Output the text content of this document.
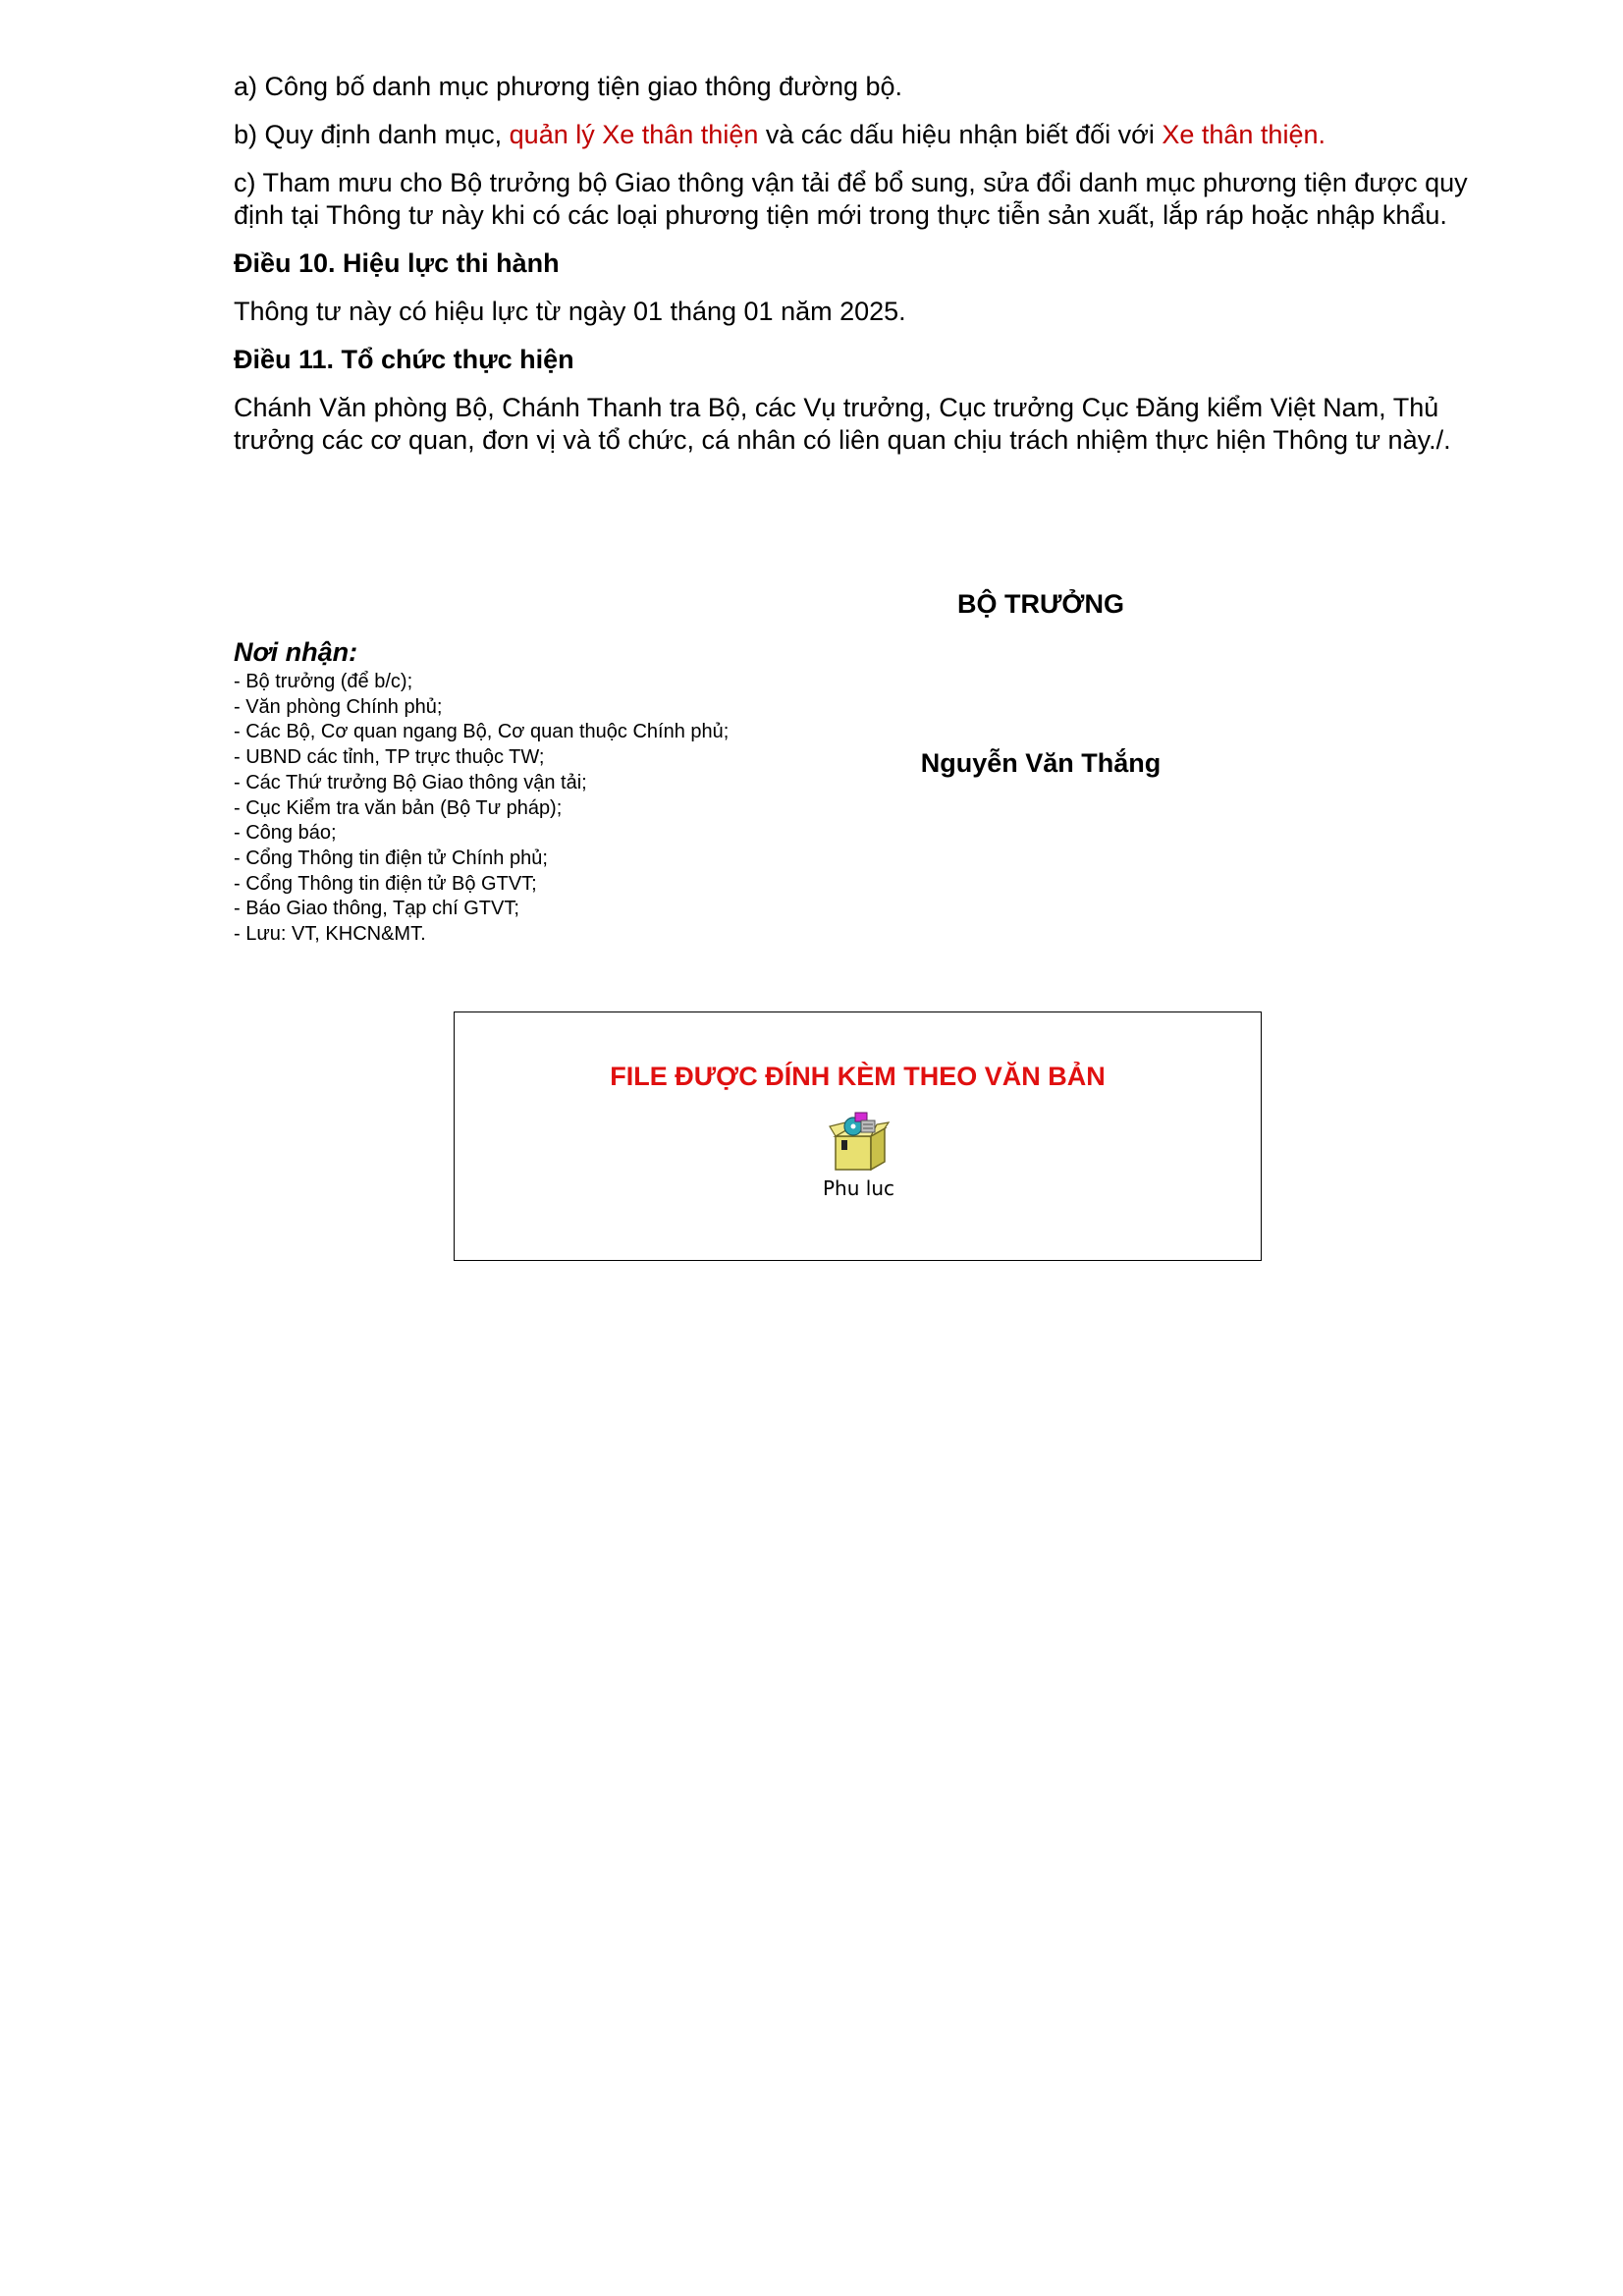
a) Công bố danh mục phương tiện giao thông đường bộ.

b) Quy định danh mục, quản lý Xe thân thiện và các dấu hiệu nhận biết đối với Xe thân thiện.

c) Tham mưu cho Bộ trưởng bộ Giao thông vận tải để bổ sung, sửa đổi danh mục phương tiện được quy định tại Thông tư này khi có các loại phương tiện mới trong thực tiễn sản xuất, lắp ráp hoặc nhập khẩu.

Điều 10. Hiệu lực thi hành

Thông tư này có hiệu lực từ ngày 01 tháng 01 năm 2025.

Điều 11. Tổ chức thực hiện

Chánh Văn phòng Bộ, Chánh Thanh tra Bộ, các Vụ trưởng, Cục trưởng Cục Đăng kiểm Việt Nam, Thủ trưởng các cơ quan, đơn vị và tổ chức, cá nhân có liên quan chịu trách nhiệm thực hiện Thông tư này./.

BỘ TRƯỞNG
Nguyễn Văn Thắng
Nơi nhận:
- Bộ trưởng (để b/c);
- Văn phòng Chính phủ;
- Các Bộ, Cơ quan ngang Bộ, Cơ quan thuộc Chính phủ;
- UBND các tỉnh, TP trực thuộc TW;
- Các Thứ trưởng Bộ Giao thông vận tải;
- Cục Kiểm tra văn bản (Bộ Tư pháp);
- Công báo;
- Cổng Thông tin điện tử Chính phủ;
- Cổng Thông tin điện tử Bộ GTVT;
- Báo Giao thông, Tạp chí GTVT;
- Lưu: VT, KHCN&MT.
FILE ĐƯỢC ĐÍNH KÈM THEO VĂN BẢN
Phu luc
